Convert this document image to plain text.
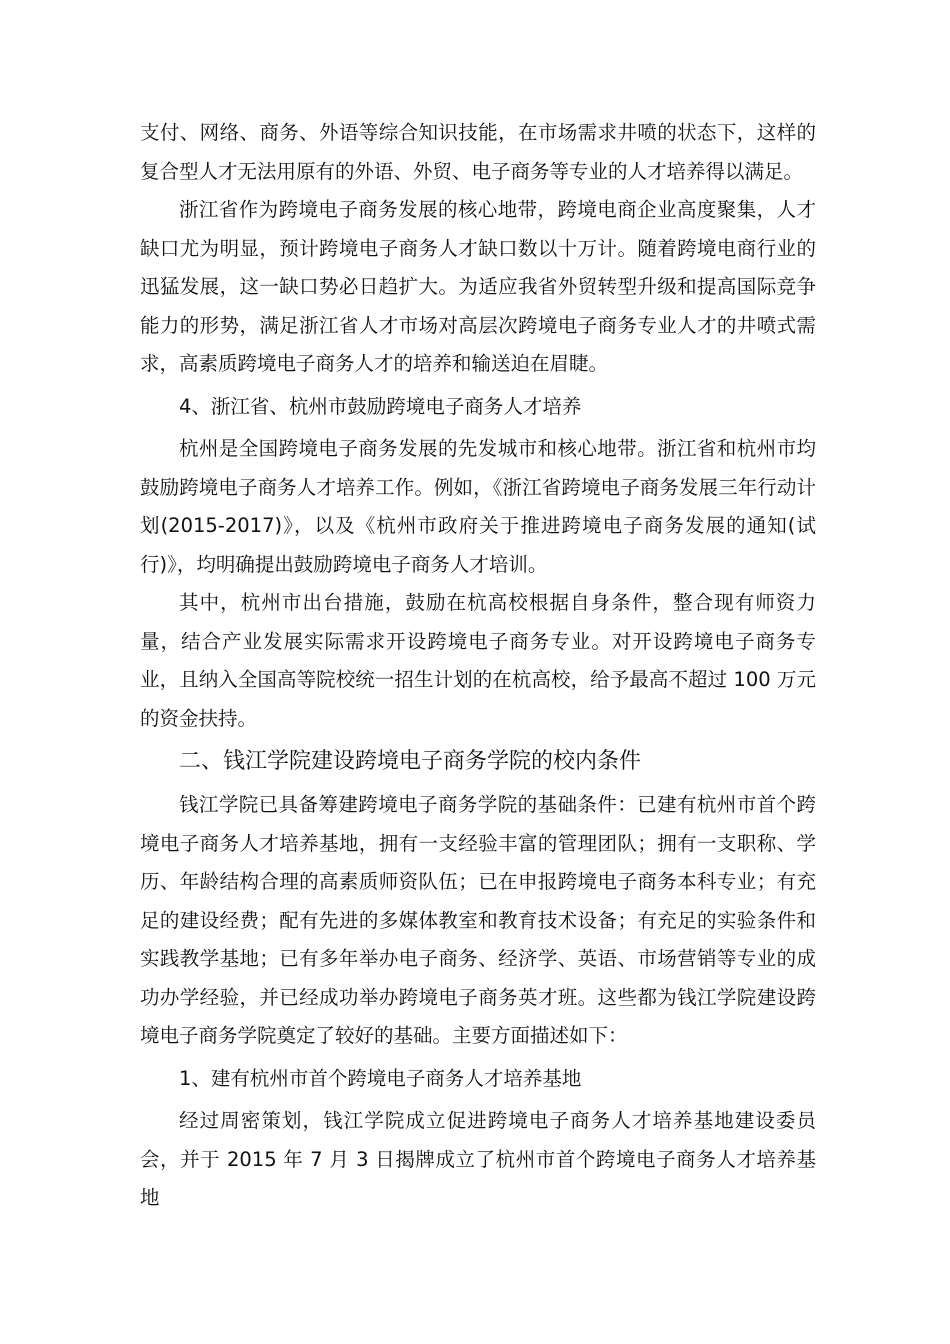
支付、网络、商务、外语等综合知识技能，在市场需求井喷的状态下，这样的复合型人才无法用原有的外语、外贸、电子商务等专业的人才培养得以满足。

浙江省作为跨境电子商务发展的核心地带，跨境电商企业高度聚集，人才缺口尤为明显，预计跨境电子商务人才缺口数以十万计。随着跨境电商行业的迅猛发展，这一缺口势必日趋扩大。为适应我省外贸转型升级和提高国际竞争能力的形势，满足浙江省人才市场对高层次跨境电子商务专业人才的井喷式需求，高素质跨境电子商务人才的培养和输送迫在眉睫。

4、浙江省、杭州市鼓励跨境电子商务人才培养

杭州是全国跨境电子商务发展的先发城市和核心地带。浙江省和杭州市均鼓励跨境电子商务人才培养工作。例如，《浙江省跨境电子商务发展三年行动计划(2015-2017)》，以及《杭州市政府关于推进跨境电子商务发展的通知(试行)》，均明确提出鼓励跨境电子商务人才培训。

其中，杭州市出台措施，鼓励在杭高校根据自身条件，整合现有师资力量，结合产业发展实际需求开设跨境电子商务专业。对开设跨境电子商务专业，且纳入全国高等院校统一招生计划的在杭高校，给予最高不超过 100 万元的资金扶持。

二、钱江学院建设跨境电子商务学院的校内条件

钱江学院已具备筹建跨境电子商务学院的基础条件：已建有杭州市首个跨境电子商务人才培养基地，拥有一支经验丰富的管理团队；拥有一支职称、学历、年龄结构合理的高素质师资队伍；已在申报跨境电子商务本科专业；有充足的建设经费；配有先进的多媒体教室和教育技术设备；有充足的实验条件和实践教学基地；已有多年举办电子商务、经济学、英语、市场营销等专业的成功办学经验，并已经成功举办跨境电子商务英才班。这些都为钱江学院建设跨境电子商务学院奠定了较好的基础。主要方面描述如下：

1、建有杭州市首个跨境电子商务人才培养基地

经过周密策划，钱江学院成立促进跨境电子商务人才培养基地建设委员会，并于 2015 年 7 月 3 日揭牌成立了杭州市首个跨境电子商务人才培养基地
